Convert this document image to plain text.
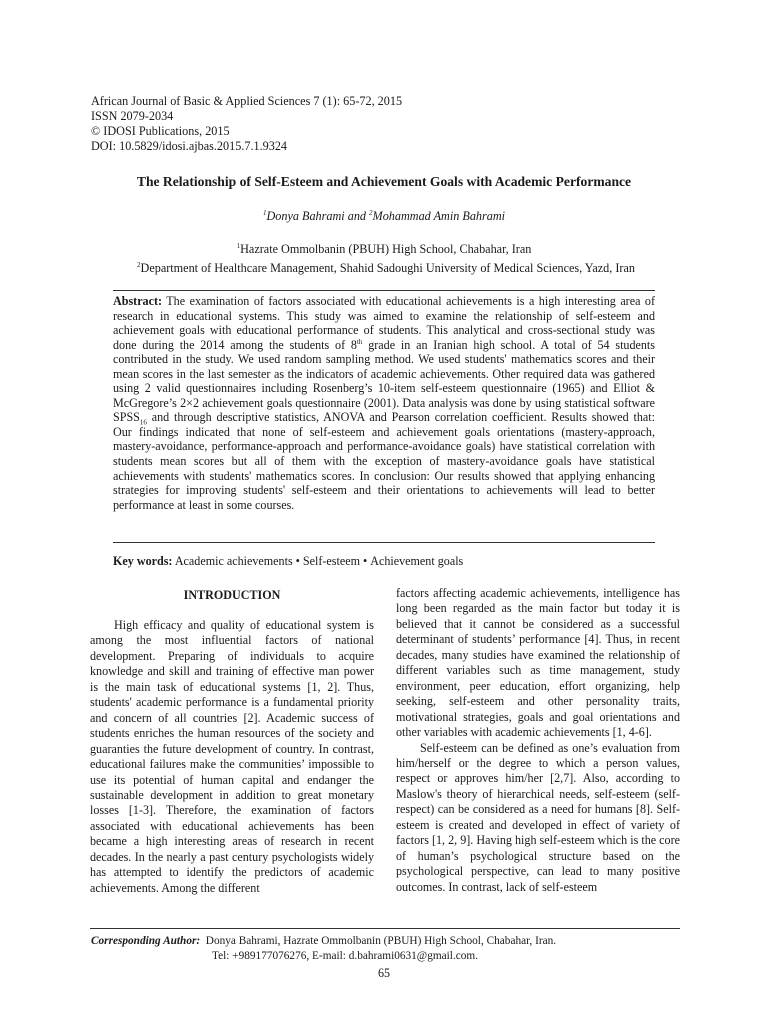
African Journal of Basic & Applied Sciences 7 (1): 65-72, 2015
ISSN 2079-2034
© IDOSI Publications, 2015
DOI: 10.5829/idosi.ajbas.2015.7.1.9324
The Relationship of Self-Esteem and Achievement Goals with Academic Performance
$^1$Donya Bahrami and $^2$Mohammad Amin Bahrami
$^1$Hazrate Ommolbanin (PBUH) High School, Chabahar, Iran
$^2$Department of Healthcare Management, Shahid Sadoughi University of Medical Sciences, Yazd, Iran
Abstract: The examination of factors associated with educational achievements is a high interesting area of research in educational systems. This study was aimed to examine the relationship of self-esteem and achievement goals with educational performance of students. This analytical and cross-sectional study was done during the 2014 among the students of 8th grade in an Iranian high school. A total of 54 students contributed in the study. We used random sampling method. We used students' mathematics scores and their mean scores in the last semester as the indicators of academic achievements. Other required data was gathered using 2 valid questionnaires including Rosenberg’s 10-item self-esteem questionnaire (1965) and Elliot & McGregore’s 2×2 achievement goals questionnaire (2001). Data analysis was done by using statistical software $SPSS_{16}$ and through descriptive statistics, ANOVA and Pearson correlation coefficient. Results showed that: Our findings indicated that none of self-esteem and achievement goals orientations (mastery-approach, mastery-avoidance, performance-approach and performance-avoidance goals) have statistical correlation with students mean scores but all of them with the exception of mastery-avoidance goals have statistical achievements with students' mathematics scores. In conclusion: Our results showed that applying enhancing strategies for improving students' self-esteem and their orientations to achievements will lead to better performance at least in some courses.
Key words: Academic achievements • Self-esteem • Achievement goals
INTRODUCTION

High efficacy and quality of educational system is among the most influential factors of national development. Preparing of individuals to acquire knowledge and skill and training of effective man power is the main task of educational systems [1, 2]. Thus, students' academic performance is a fundamental priority and concern of all countries [2]. Academic success of students enriches the human resources of the society and guaranties the future development of country. In contrast, educational failures make the communities’ impossible to use its potential of human capital and endanger the sustainable development in addition to great monetary losses [1-3]. Therefore, the examination of factors associated with educational achievements has been became a high interesting areas of research in recent decades. In the nearly a past century psychologists widely has attempted to identify the predictors of academic achievements. Among the different

factors affecting academic achievements, intelligence has long been regarded as the main factor but today it is believed that it cannot be considered as a successful determinant of students’ performance [4]. Thus, in recent decades, many studies have examined the relationship of different variables such as time management, study environment, peer education, effort organizing, help seeking, self-esteem and other personality traits, motivational strategies, goals and goal orientations and other variables with academic achievements [1, 4-6].

Self-esteem can be defined as one’s evaluation from him/herself or the degree to which a person values, respect or approves him/her [2,7]. Also, according to Maslow's theory of hierarchical needs, self-esteem (self-respect) can be considered as a need for humans [8]. Self-esteem is created and developed in effect of variety of factors [1, 2, 9]. Having high self-esteem which is the core of human’s psychological structure based on the psychological perspective, can lead to many positive outcomes. In contrast, lack of self-esteem

Corresponding Author: Donya Bahrami, Hazrate Ommolbanin (PBUH) High School, Chabahar, Iran.
Tel: +989177076276, E-mail: d.bahrami0631@gmail.com.
65
